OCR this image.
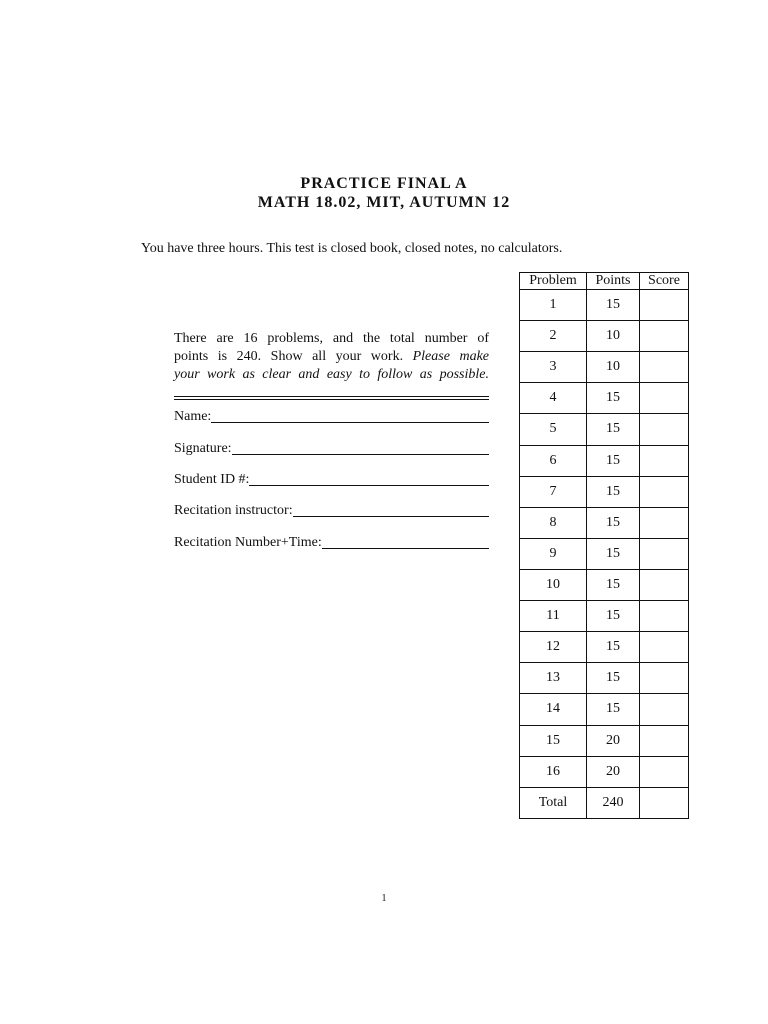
PRACTICE FINAL A
MATH 18.02, MIT, AUTUMN 12
You have three hours. This test is closed book, closed notes, no calculators.
There are 16 problems, and the total number of
points is 240. Show all your work. Please make
your work as clear and easy to follow as possible.
Name:
Signature:
Student ID #:
Recitation instructor:
Recitation Number+Time:
Problem	Points	Score
1	15	
2	10	
3	10	
4	15	
5	15	
6	15	
7	15	
8	15	
9	15	
10	15	
11	15	
12	15	
13	15	
14	15	
15	20	
16	20	
Total	240	
1
